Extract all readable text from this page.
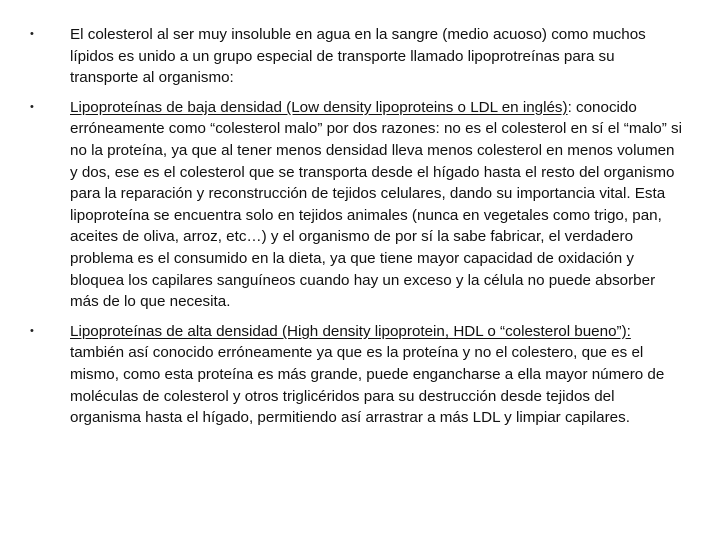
• El colesterol al ser muy insoluble en agua en la sangre (medio acuoso) como muchos lípidos es unido a un grupo especial de transporte llamado lipoprotreínas para su transporte al organismo:
• Lipoproteínas de baja densidad (Low density lipoproteins o LDL en inglés): conocido erróneamente como “colesterol malo” por dos razones: no es el colesterol en sí el “malo” si no la proteína, ya que al tener menos densidad lleva menos colesterol en menos volumen y dos, ese es el colesterol que se transporta desde el hígado hasta el resto del organismo para la reparación y reconstrucción de tejidos celulares, dando su importancia vital. Esta lipoproteína se encuentra solo en tejidos animales (nunca en vegetales como trigo, pan, aceites de oliva, arroz, etc…) y el organismo de por sí la sabe fabricar, el verdadero problema es el consumido en la dieta, ya que tiene mayor capacidad de oxidación y bloquea los capilares sanguíneos cuando hay un exceso y la célula no puede absorber más de lo que necesita.
• Lipoproteínas de alta densidad (High density lipoprotein, HDL o “colesterol bueno”): también así conocido erróneamente ya que es la proteína y no el colestero, que es el mismo, como esta proteína es más grande, puede engancharse a ella mayor número de moléculas de colesterol y otros triglicéridos para su destrucción desde tejidos del organisma hasta el hígado, permitiendo así arrastrar a más LDL y limpiar capilares.
